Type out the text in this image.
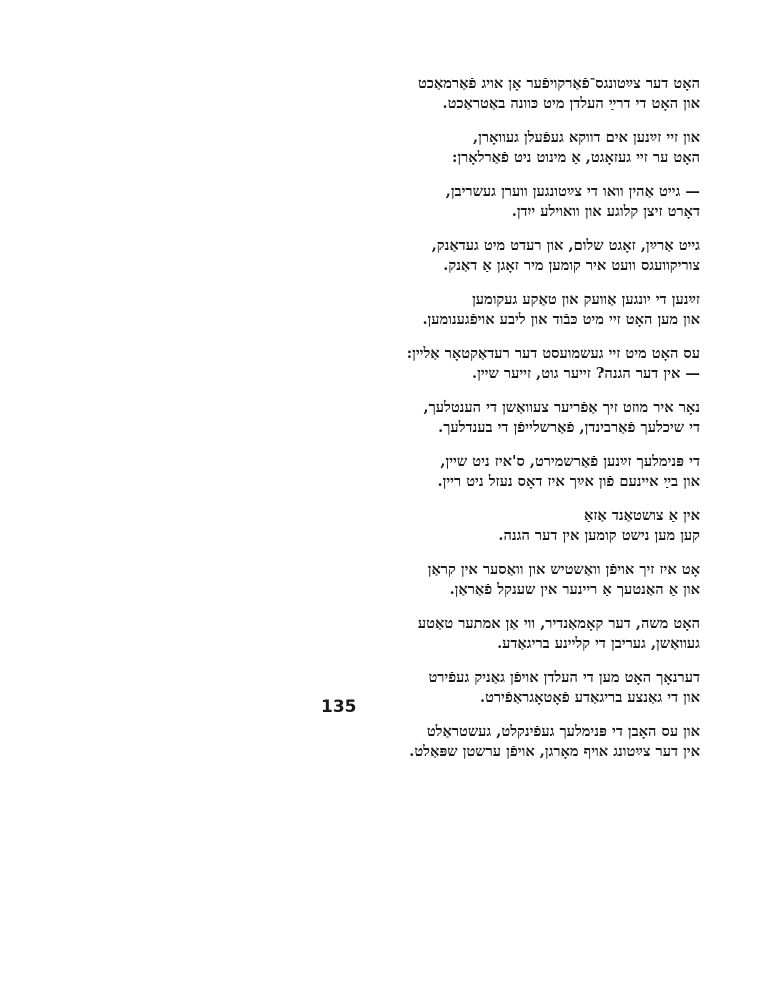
האָט דער צײַטונגס־פֿאַרקויפֿער אָן אויג פֿאַרמאַכט
און האָט די דרײַ העלדן מיט כּוונה באַטראַכט.
און זיי זײַנען אים דווקא געפֿעלן געוואָרן,
האָט ער זיי געזאָגט, אַ מינוט ניט פֿאַרלאָרן:
— גייט אַהין וואו די צײַטונגען ווערן געשריבן,
דאָרט זיצן קלוגע און וואוילע ייִדן.
גייט אַרײַן, זאָגט שלום, און רעדט מיט געדאַנק,
צוריקוועגס וועט איר קומען מיר זאָגן אַ דאַנק.
זײַנען די יונגען אַוועק און טאַקע געקומען
און מען האָט זיי מיט כּבֿוד און ליבע אויפֿגענומען.
עס האָט מיט זיי געשמועסט דער רעדאַקטאָר אַליין:
— אין דער הגנה? זייער גוט, זייער שיין.
נאָר איר מוזט זיך אַפֿריער צעוואַשן די הענטלעך,
די שיכלעך פֿאַרבינדן, פֿאַרשלייפֿן די בענדלעך.
די פּנימלעך זײַנען פֿאַרשמירט, ס'איז ניט שיין,
און בײַ איינעם פֿון אײַך איז דאָס נעזל ניט ריין.
אין אַ צושטאַנד אַזאַ
קען מען נישט קומען אין דער הגנה.
אָט איז זיך אויפֿן וואַשטיש און וואַסער אין קראַן
און אַ האַנטעך אַ ריינער אין שענקל פֿאַראַן.
האָט משה, דער קאָמאַנדיר, ווי אַן אמתער טאַטע
געוואַשן, געריבן די קליינע בריגאַדע.
דערנאָך האָט מען די העלדן אויפֿן גאַניק געפֿירט
און די גאַנצע בריגאַדע פֿאָטאָגראַפֿירט.
און עס האָבן די פּנימלעך געפֿינקלט, געשטראַלט
אין דער צײַטונג אויף מאָרגן, אויפֿן ערשטן שפּאַלט.
135
